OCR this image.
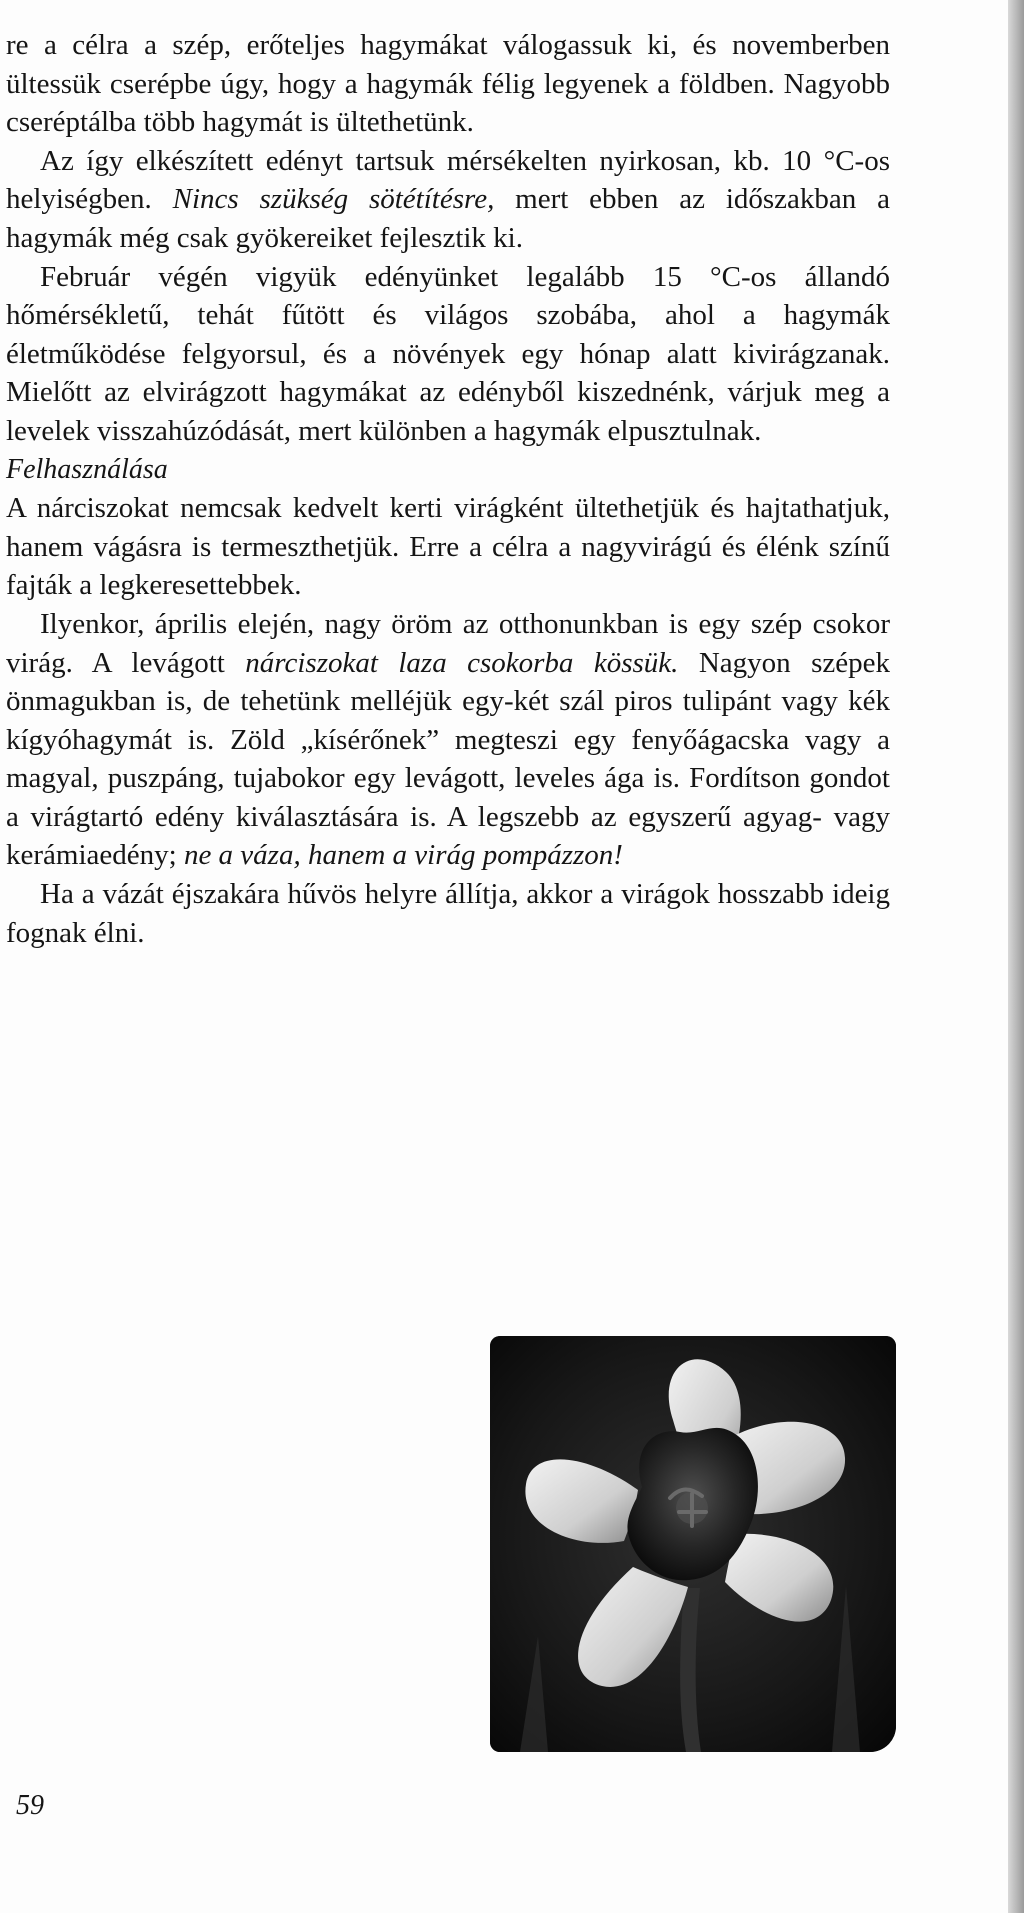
re a célra a szép, erőteljes hagymákat válogassuk ki, és novemberben ültessük cserépbe úgy, hogy a hagymák félig legyenek a földben. Nagyobb cseréptálba több hagymát is ültethetünk.

Az így elkészített edényt tartsuk mérsékelten nyirkosan, kb. 10 °C-os helyiségben. Nincs szükség sötétítésre, mert ebben az időszakban a hagymák még csak gyökereiket fejlesztik ki.

Február végén vigyük edényünket legalább 15 °C-os állandó hőmérsékletű, tehát fűtött és világos szobába, ahol a hagymák életműködése felgyorsul, és a növények egy hónap alatt kivirágzanak. Mielőtt az elvirágzott hagymákat az edényből kiszednénk, várjuk meg a levelek visszahúzódását, mert különben a hagymák elpusztulnak.

Felhasználása

A nárciszokat nemcsak kedvelt kerti virágként ültethetjük és hajtathatjuk, hanem vágásra is termeszthetjük. Erre a célra a nagyvirágú és élénk színű fajták a legkeresettebbek.

Ilyenkor, április elején, nagy öröm az otthonunkban is egy szép csokor virág. A levágott nárciszokat laza csokorba kössük. Nagyon szépek önmagukban is, de tehetünk melléjük egy-két szál piros tulipánt vagy kék kígyóhagymát is. Zöld „kísérőnek” megteszi egy fenyőágacska vagy a magyal, puszpáng, tujabokor egy levágott, leveles ága is. Fordítson gondot a virágtartó edény kiválasztására is. A legszebb az egyszerű agyag- vagy kerámiaedény; ne a váza, hanem a virág pompázzon!

Ha a vázát éjszakára hűvös helyre állítja, akkor a virágok hosszabb ideig fognak élni.

59
